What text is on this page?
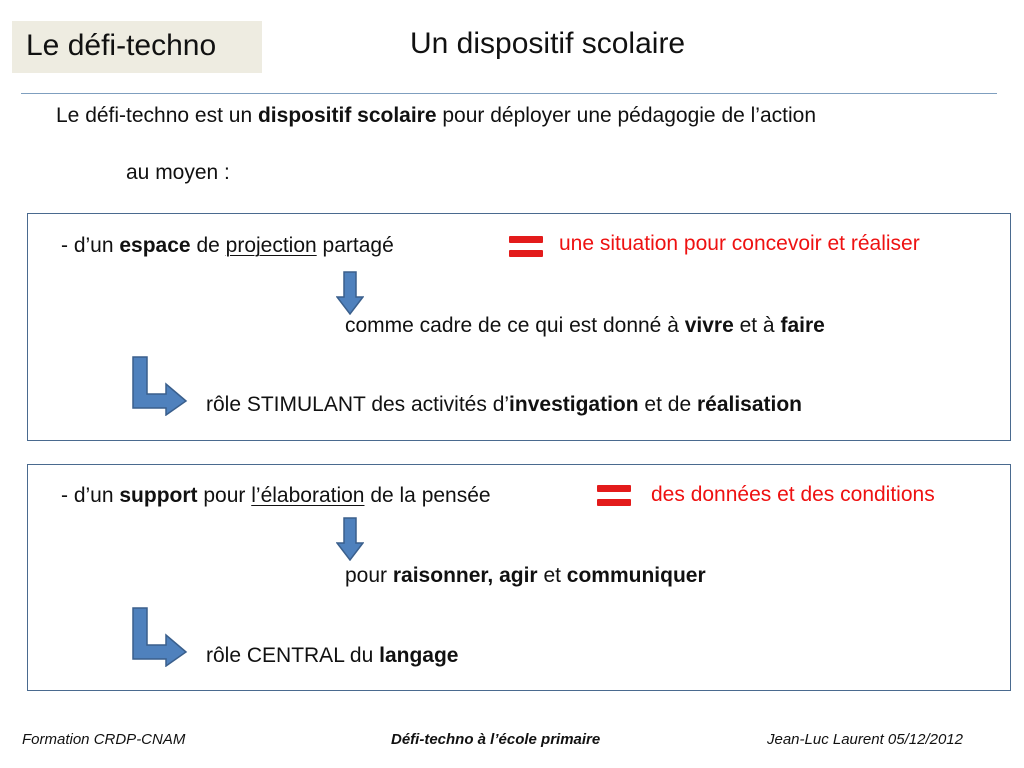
Le défi-techno	Un dispositif scolaire
Le défi-techno est un dispositif scolaire pour déployer une pédagogie de l’action
au moyen :
- d’un espace de projection partagé	une situation pour concevoir et réaliser
comme cadre de ce qui est donné à vivre et à faire
rôle STIMULANT des activités d’investigation et de réalisation
- d’un support pour l’élaboration de la pensée	des données et des conditions
pour raisonner, agir et communiquer
rôle CENTRAL du langage
Formation CRDP-CNAM	Défi-techno à l’école primaire	Jean-Luc Laurent 05/12/2012
